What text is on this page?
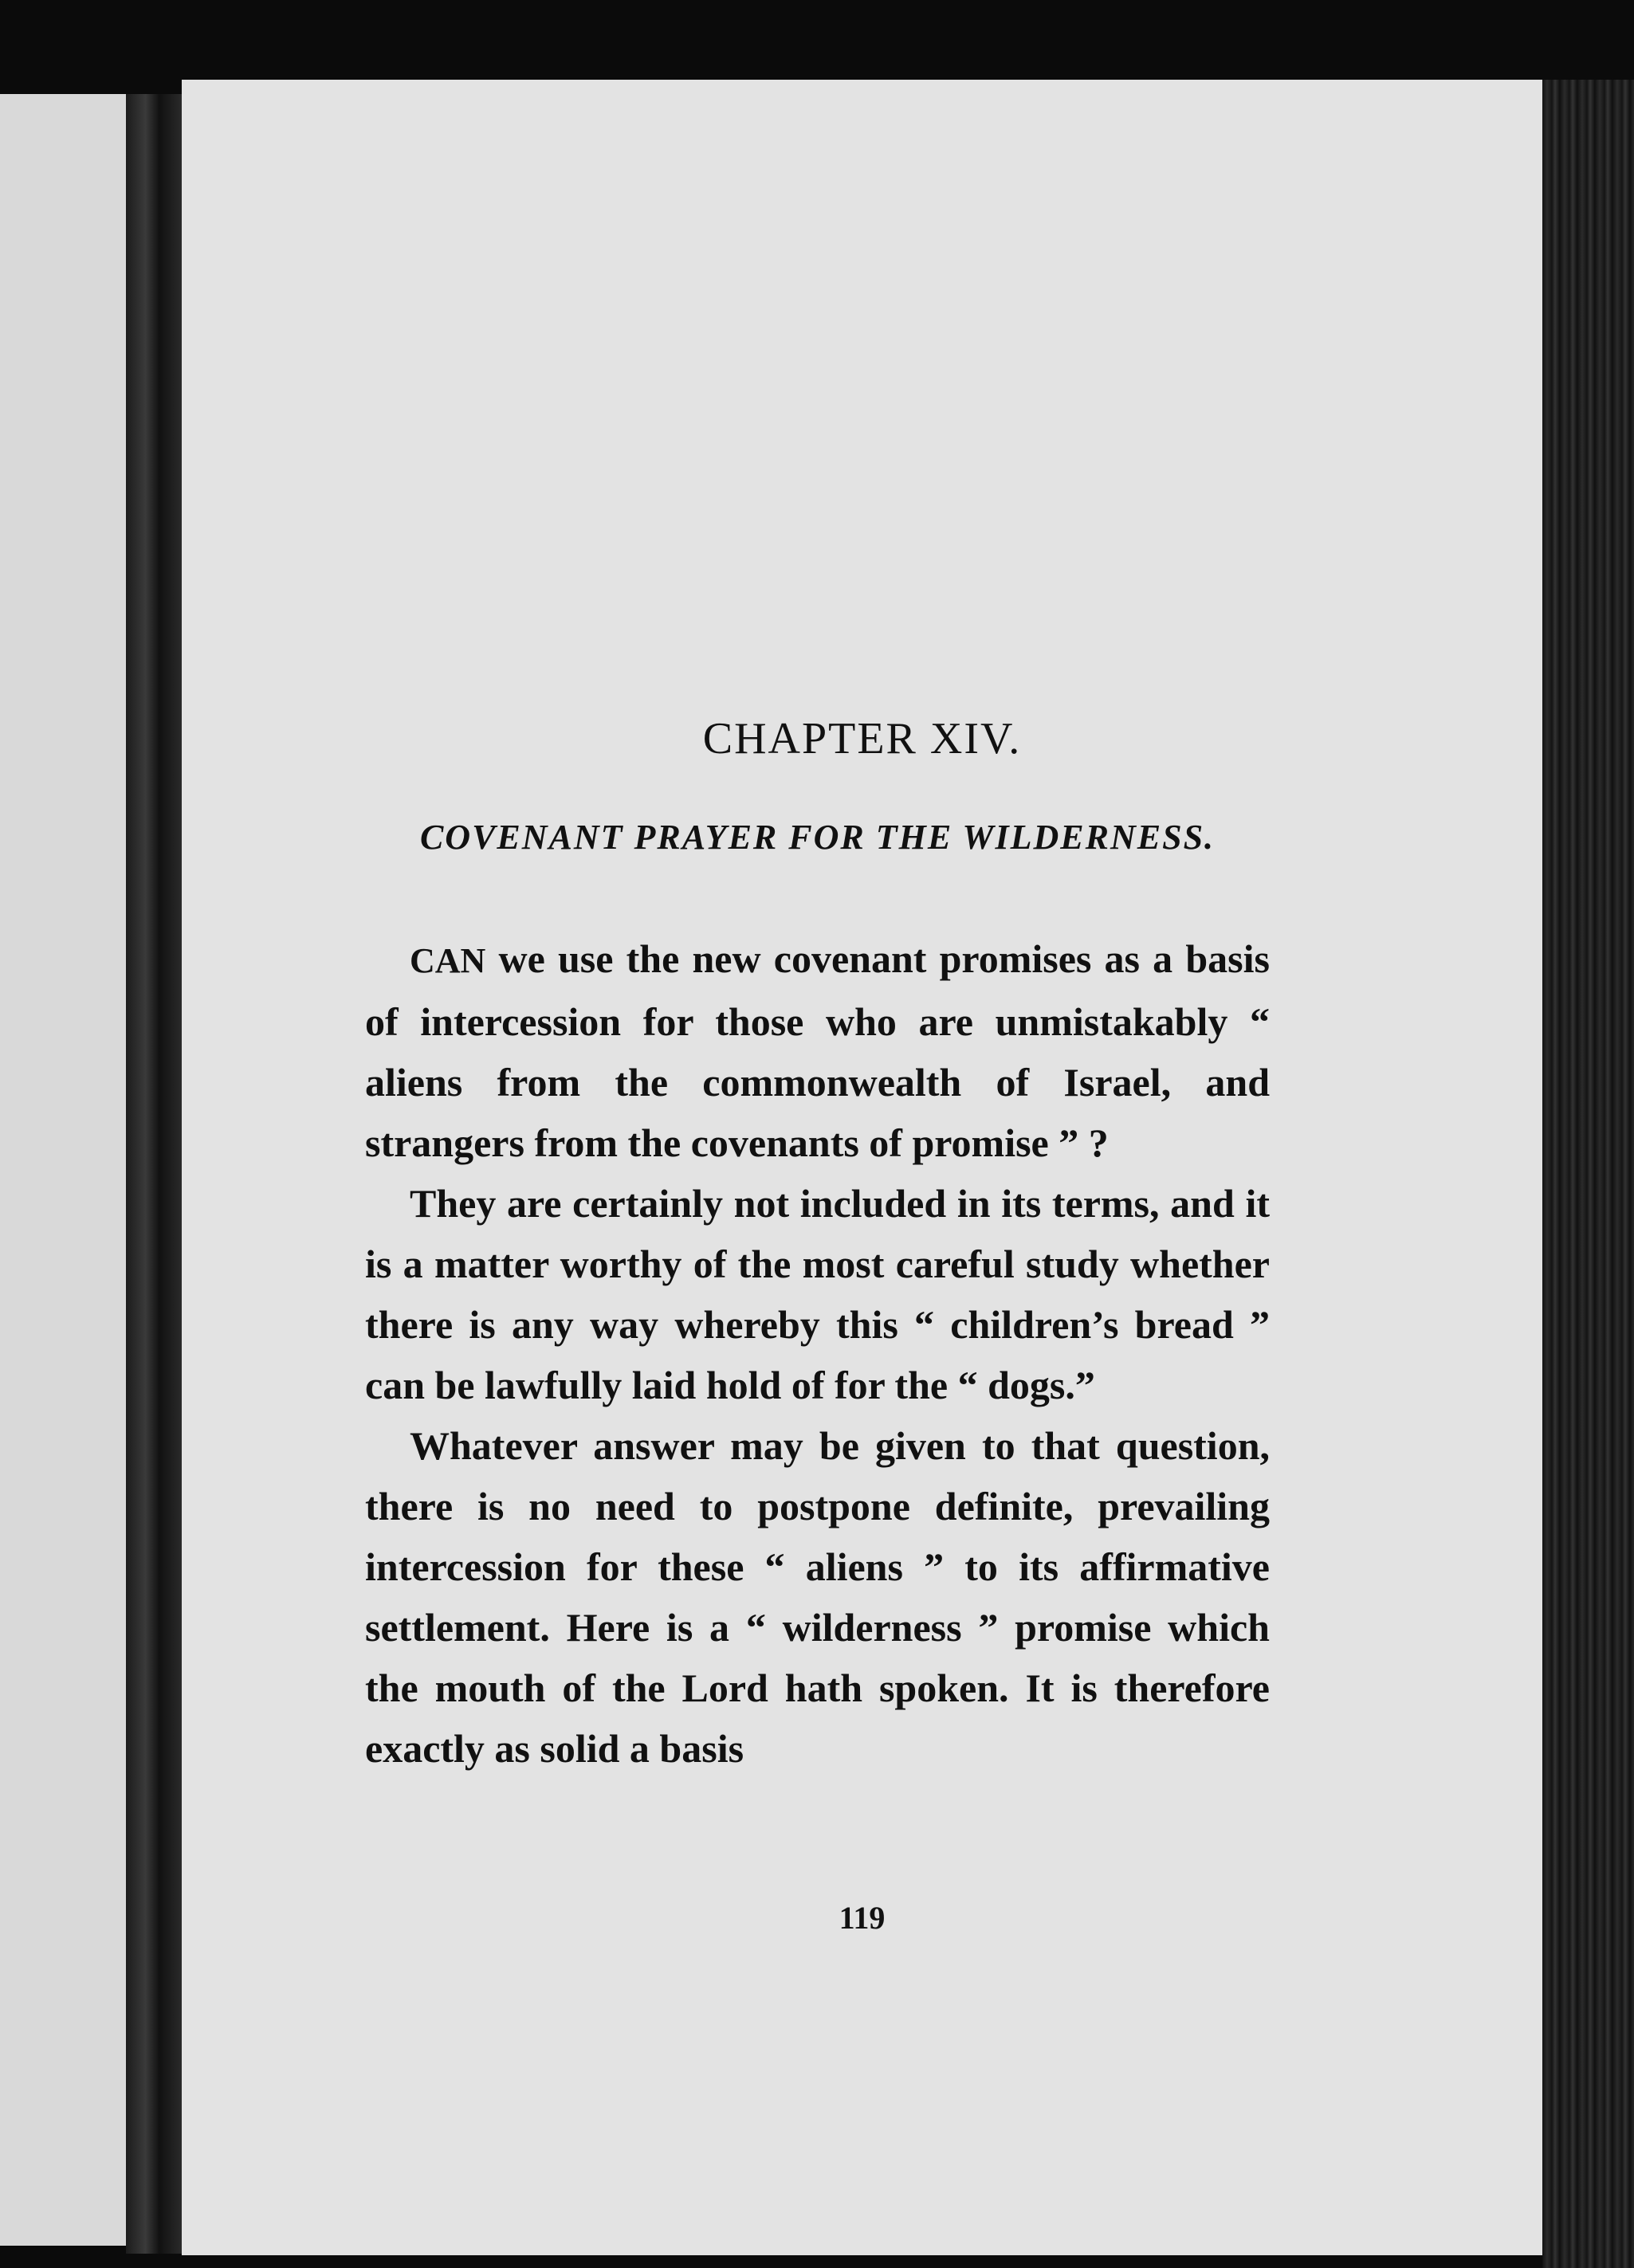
CHAPTER XIV.
COVENANT PRAYER FOR THE WILDERNESS.

CAN we use the new covenant promises as a basis of intercession for those who are unmistakably “ aliens from the commonwealth of Israel, and strangers from the covenants of promise ” ?

They are certainly not included in its terms, and it is a matter worthy of the most careful study whether there is any way whereby this “ children’s bread ” can be lawfully laid hold of for the “ dogs.”

Whatever answer may be given to that question, there is no need to postpone definite, prevailing intercession for these “ aliens ” to its affirmative settlement. Here is a “ wilderness ” promise which the mouth of the Lord hath spoken. It is therefore exactly as solid a basis

119
